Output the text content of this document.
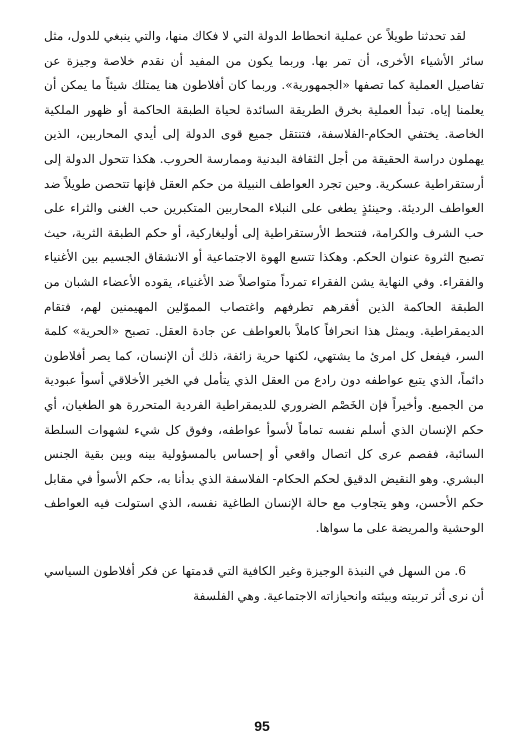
لقد تحدثنا طويلاً عن عملية انحطاط الدولة التي لا فكاك منها، والتي ينبغي للدول، مثل سائر الأشياء الأخرى، أن تمر بها. وربما يكون من المفيد أن نقدم خلاصة وجيزة عن تفاصيل العملية كما تصفها «الجمهورية». وربما كان أفلاطون هنا يمتلك شيئاً ما يمكن أن يعلمنا إياه. تبدأ العملية بخرق الطريقة السائدة لحياة الطبقة الحاكمة أو ظهور الملكية الخاصة. يختفي الحكام-الفلاسفة، فتنتقل جميع قوى الدولة إلى أيدي المحاربين، الذين يهملون دراسة الحقيقة من أجل الثقافة البدنية وممارسة الحروب. هكذا تتحول الدولة إلى أرستقراطية عسكرية. وحين تجرد العواطف النبيلة من حكم العقل فإنها تتحصن طويلاً ضد العواطف الرديئة. وحينئذٍ يطغى على النبلاء المحاربين المتكبرين حب الغنى والثراء على حب الشرف والكرامة، فتنحط الأرستقراطية إلى أوليغاركية، أو حكم الطبقة الثرية، حيث تصبح الثروة عنوان الحكم. وهكذا تتسع الهوة الاجتماعية أو الانشقاق الجسيم بين الأغنياء والفقراء. وفي النهاية يشن الفقراء تمرداً متواصلاً ضد الأغنياء، يقوده الأعضاء الشبان من الطبقة الحاكمة الذين أفقرهم تطرفهم واغتصاب المموّلين المهيمنين لهم، فتقام الديمقراطية. ويمثل هذا انحرافاً كاملاً بالعواطف عن جادة العقل. تصبح «الحرية» كلمة السر، فيفعل كل امرئ ما يشتهي، لكنها حرية زائفة، ذلك أن الإنسان، كما يصر أفلاطون دائماً، الذي يتبع عواطفه دون رادع من العقل الذي يتأمل في الخير الأخلاقي أسوأ عبودية من الجميع. وأخيراً فإن الخَصْم الضروري للديمقراطية الفردية المتحررة هو الطغيان، أي حكم الإنسان الذي أسلم نفسه تماماً لأسوأ عواطفه، وفوق كل شيء لشهوات السلطة السائبة، ففصم عرى كل اتصال واقعي أو إحساس بالمسؤولية بينه وبين بقية الجنس البشري. وهو النقيض الدقيق لحكم الحكام- الفلاسفة الذي بدأنا به، حكم الأسوأ في مقابل حكم الأحسن، وهو يتجاوب مع حالة الإنسان الطاغية نفسه، الذي استولت فيه العواطف الوحشية والمريضة على ما سواها.

6. من السهل في النبذة الوجيزة وغير الكافية التي قدمتها عن فكر أفلاطون السياسي أن نرى أثر تربيته وبيئته وانحيازاته الاجتماعية. وهي الفلسفة

95
